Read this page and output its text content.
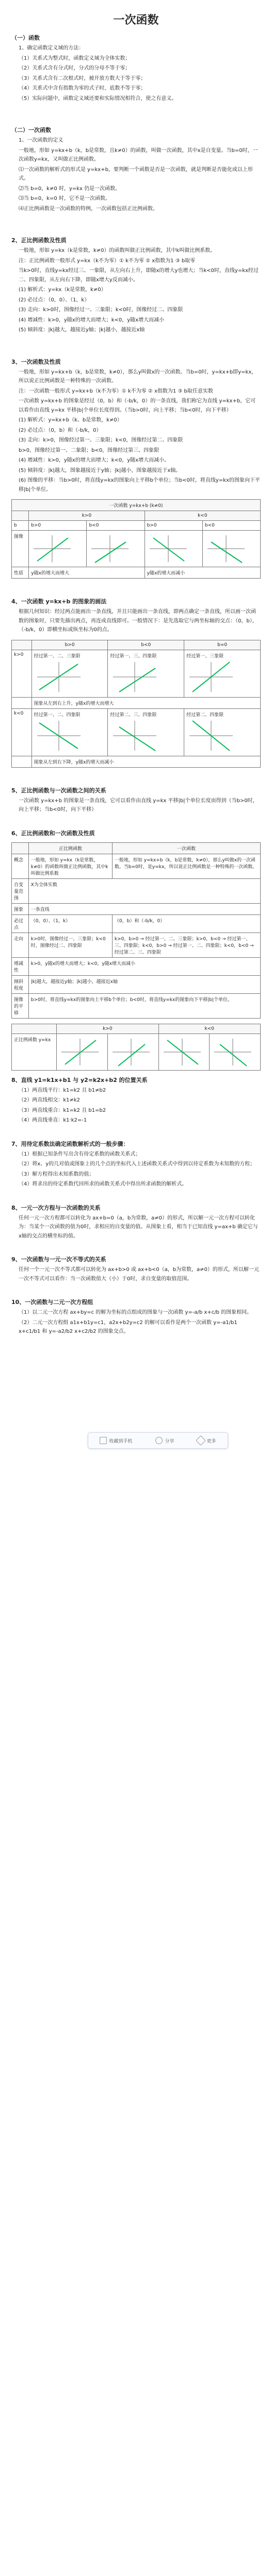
一次函数
（一）函数
1、确定函数定义域的方法：
（1）关系式为整式时，函数定义域为全体实数；
（2）关系式含有分式时，分式的分母不等于零；
（3）关系式含有二次根式时，被开放方数大于等于零；
（4）关系式中含有指数为零的式子时，底数不等于零；
（5）实际问题中，函数定义域还要和实际情况相符合，使之有意义。
（二）一次函数
1、一次函数的定义
一般地，形如 y=kx+b（k，b是常数，且k≠0）的函数，叫做一次函数，其中x是自变量。当b=0时，一次函数y=kx，又叫做正比例函数。
⑴一次函数的解析式的形式是 y=kx+b，要判断一个函数是否是一次函数，就是判断是否能化成以上形式。
⑵当 b=0，k≠0 时，y=kx 仍是一次函数。
⑶当 b=0，k=0 时，它不是一次函数。
⑷正比例函数是一次函数的特例，一次函数包括正比例函数。
2、正比例函数及性质
一般地，形如 y=kx（k是常数，k≠0）的函数叫做正比例函数，其中k叫做比例系数。
注：正比例函数一般形式 y=kx（k不为零）① k不为零 ② x指数为1 ③ b取零
当k>0时，直线y=kx经过三、一象限，从左向右上升，即随x的增大y也增大；当k<0时，直线y=kx经过二、四象限，从左向右下降，即随x增大y反而减小。
(1) 解析式：y=kx（k是常数，k≠0）
(2) 必过点：（0，0）、（1，k）
(3) 走向：k>0时，图像经过一、三象限；k<0时，图像经过二、四象限
(4) 增减性：k>0，y随x的增大而增大；k<0，y随x增大而减小
(5) 倾斜度：|k|越大，越接近y轴；|k|越小，越接近x轴
3、一次函数及性质
一般地，形如 y=kx+b（k，b是常数，k≠0），那么y叫做x的一次函数。当b=0时，y=kx+b即y=kx，所以说正比例函数是一种特殊的一次函数。
注：一次函数一般形式 y=kx+b（k不为零）① k不为零 ② x指数为1 ③ b取任意实数
一次函数 y=kx+b 的图象是经过（0，b）和（-b/k，0）的一条直线，我们称它为直线 y=kx+b，它可以看作由直线 y=kx 平移|b|个单位长度得到。（当b>0时，向上平移；当b<0时，向下平移）
(1) 解析式：y=kx+b（k、b是常数，k≠0）
(2) 必过点：（0，b）和（-b/k，0）
(3) 走向：k>0，图像经过第一、三象限；k<0，图像经过第二、四象限
b>0，图像经过第一、二象限；b<0，图像经过第三、四象限
(4) 增减性：k>0，y随x的增大而增大；k<0，y随x增大而减小。
(5) 倾斜度：|k|越大，图象越接近于y轴；|k|越小，图象越接近于x轴。
(6) 图像的平移：当b>0时，将直线y=kx的图象向上平移b个单位；当b<0时，将直线y=kx的图象向下平移|b|个单位。
一次函数 y=kx+b (k≠0)				
	k>0		k<0	
b	b>0	b<0	b>0	b<0
图像	

性质	y随x的增大而增大		y随x的增大而减小	
4、一次函数 y=kx+b 的图象的画法
根据几何知识：经过两点能画出一条直线，并且只能画出一条直线，即两点确定一条直线，所以画一次函数的图象时，只要先描出两点，再连成直线即可。一般情况下：是先选取它与两坐标轴的交点：（0，b），（-b/k，0）即横坐标或纵坐标为0的点。
	b>0	b<0	b=0
k>0	经过第一、二、三象限	经过第一、三、四象限	经过第一、三象限

	图象从左到右上升，y随x的增大而增大		
k<0	经过第一、二、四象限	经过第二、三、四象限	经过第二、四象限

	图象从左到右下降，y随x的增大而减小		
收藏到手机	分享	更多
5、正比例函数与一次函数之间的关系
一次函数 y=kx+b 的图象是一条直线，它可以看作由直线 y=kx 平移|b|个单位长度而得到（当b>0时，向上平移；当b<0时，向下平移）
6、正比例函数和一次函数及性质
	正比例函数	一次函数
概念	一般地，形如 y=kx（k是常数，k≠0）的函数叫做正比例函数，其中k叫做比例系数	一般地，形如 y=kx+b（k，b是常数，k≠0），那么y叫做x的一次函数。当b=0时，是y=kx，所以说正比例函数是一种特殊的一次函数。
自变量范围	X为全体实数	
图象	一条直线	
必过点	（0，0）、（1，k）	（0，b）和（-b/k，0）
走向	k>0时，图像经过一、三象限；k<0时，图像经过二、四象限	k>0，b>0 → 经过第一、二、三象限；k>0，b<0 → 经过第一、三、四象限；k<0，b>0 → 经过第一、二、四象限；k<0，b<0 → 经过第二、三、四象限
增减性	k>0，y随x的增大而增大；k<0，y随x增大而减小	
倾斜程度	|k|越大，越接近y轴；|k|越小，越接近x轴	
图像的平移	b>0时，将直线y=kx的图象向上平移b个单位；b<0时，将直线y=kx的图象向下平移|b|个单位。	
	k>0		k<0	
正比例函数 y=kx	

8、直线 y1=k1x+b1 与 y2=k2x+b2 的位置关系
（1）两直线平行：k1=k2 且 b1≠b2
（2）两直线相交：k1≠k2
（3）两直线重合：k1=k2 且 b1=b2
（4）两直线垂直：k1·k2=-1
7、用待定系数法确定函数解析式的一般步骤：
（1）根据已知条件写出含有待定系数的函数关系式；
（2）将x、y的几对值或图象上的几个点的坐标代入上述函数关系式中得到以待定系数为未知数的方程；
（3）解方程得出未知系数的值；
（4）将求出的待定系数代回所求的函数关系式中得出所求函数的解析式。
8、一元一次方程与一次函数的关系
任何一元一次方程都可以转化为 ax+b=0（a，b为常数，a≠0）的形式，所以解一元一次方程可以转化为：当某个一次函数的值为0时，求相应的自变量的值。从图象上看，相当于已知直线 y=ax+b 确定它与x轴的交点的横坐标的值。
9、一次函数与一元一次不等式的关系
任何一个一元一次不等式都可以转化为 ax+b>0 或 ax+b<0（a，b为常数，a≠0）的形式，所以解一元一次不等式可以看作：当一次函数值大（小）于0时，求自变量的取值范围。
10、一次函数与二元一次方程组
（1）以二元一次方程 ax+by=c 的解为坐标的点组成的图象与一次函数 y=-a/b x+c/b 的图象相同。
（2）二元一次方程组 a1x+b1y=c1，a2x+b2y=c2 的解可以看作是两个一次函数 y=-a1/b1 x+c1/b1 和 y=-a2/b2 x+c2/b2 的图象交点。
